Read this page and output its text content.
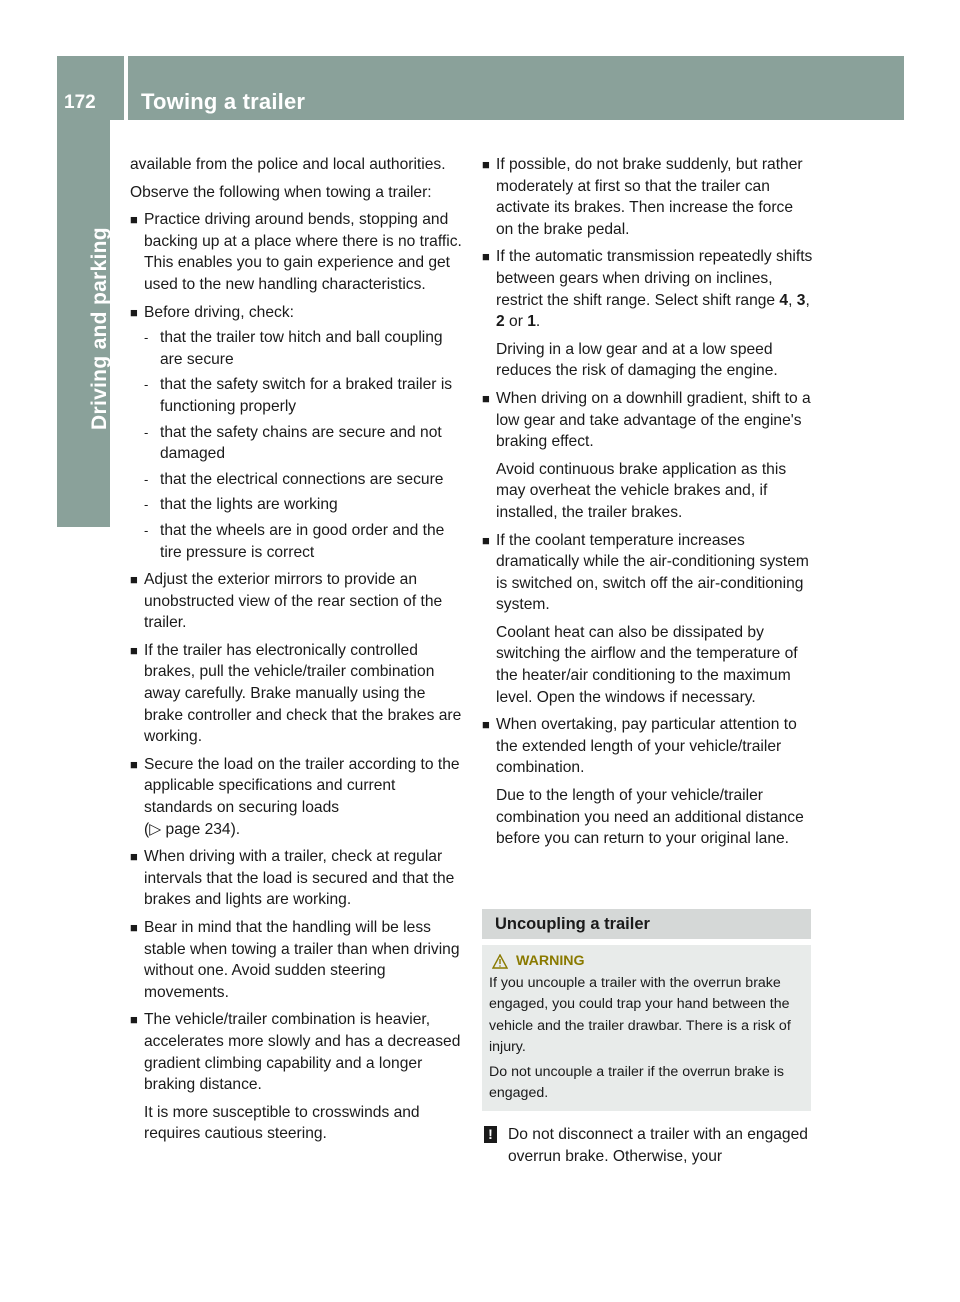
172 Towing a trailer
Driving and parking

available from the police and local authorities.

Observe the following when towing a trailer:

■ Practice driving around bends, stopping and backing up at a place where there is no traffic. This enables you to gain experience and get used to the new handling characteristics.
■ Before driving, check:
- that the trailer tow hitch and ball coupling are secure
- that the safety switch for a braked trailer is functioning properly
- that the safety chains are secure and not damaged
- that the electrical connections are secure
- that the lights are working
- that the wheels are in good order and the tire pressure is correct
■ Adjust the exterior mirrors to provide an unobstructed view of the rear section of the trailer.
■ If the trailer has electronically controlled brakes, pull the vehicle/trailer combination away carefully. Brake manually using the brake controller and check that the brakes are working.
■ Secure the load on the trailer according to the applicable specifications and current standards on securing loads
(▷ page 234).
■ When driving with a trailer, check at regular intervals that the load is secured and that the brakes and lights are working.
■ Bear in mind that the handling will be less stable when towing a trailer than when driving without one. Avoid sudden steering movements.
■ The vehicle/trailer combination is heavier, accelerates more slowly and has a decreased gradient climbing capability and a longer braking distance.

It is more susceptible to crosswinds and requires cautious steering.

■ If possible, do not brake suddenly, but rather moderately at first so that the trailer can activate its brakes. Then increase the force on the brake pedal.
■ If the automatic transmission repeatedly shifts between gears when driving on inclines, restrict the shift range. Select shift range 4, 3, 2 or 1.

Driving in a low gear and at a low speed reduces the risk of damaging the engine.

■ When driving on a downhill gradient, shift to a low gear and take advantage of the engine's braking effect.

Avoid continuous brake application as this may overheat the vehicle brakes and, if installed, the trailer brakes.

■ If the coolant temperature increases dramatically while the air-conditioning system is switched on, switch off the air-conditioning system.

Coolant heat can also be dissipated by switching the airflow and the temperature of the heater/air conditioning to the maximum level. Open the windows if necessary.

■ When overtaking, pay particular attention to the extended length of your vehicle/trailer combination.

Due to the length of your vehicle/trailer combination you need an additional distance before you can return to your original lane.

Uncoupling a trailer
WARNING

If you uncouple a trailer with the overrun brake engaged, you could trap your hand between the vehicle and the trailer drawbar. There is a risk of injury.

Do not uncouple a trailer if the overrun brake is engaged.

! Do not disconnect a trailer with an engaged overrun brake. Otherwise, your
